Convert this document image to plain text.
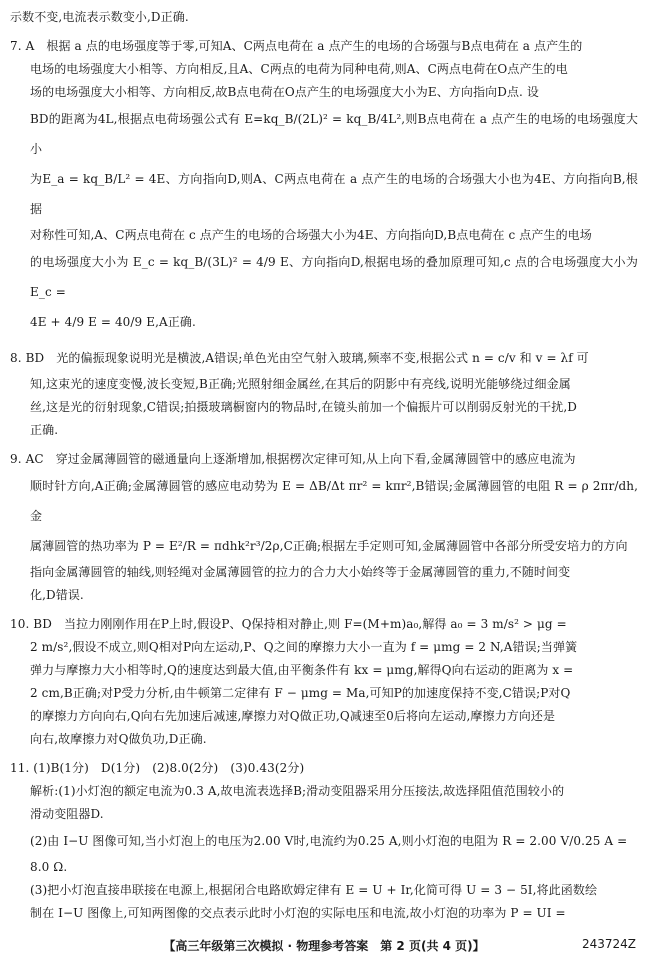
示数不变,电流表示数变小,D正确.
7. A　根据 a 点的电场强度等于零,可知A、C两点电荷在 a 点产生的电场的合场强与B点电荷在 a 点产生的
电场的电场强度大小相等、方向相反,且A、C两点的电荷为同种电荷,则A、C两点电荷在O点产生的电
场的电场强度大小相等、方向相反,故B点电荷在O点产生的电场强度大小为E、方向指向D点. 设
BD的距离为4L,根据点电荷场强公式有 E=kq_B/(2L)² = kq_B/4L²,则B点电荷在 a 点产生的电场的电场强度大小
为E_a = kq_B/L² = 4E、方向指向D,则A、C两点电荷在 a 点产生的电场的合场强大小也为4E、方向指向B,根据
对称性可知,A、C两点电荷在 c 点产生的电场的合场强大小为4E、方向指向D,B点电荷在 c 点产生的电场
的电场强度大小为 E_c = kq_B/(3L)² = 4/9 E、方向指向D,根据电场的叠加原理可知,c 点的合电场强度大小为E_c =
4E + 4/9 E = 40/9 E,A正确.
8. BD　光的偏振现象说明光是横波,A错误;单色光由空气射入玻璃,频率不变,根据公式 n = c/v 和 v = λf 可
知,这束光的速度变慢,波长变短,B正确;光照射细金属丝,在其后的阴影中有亮线,说明光能够绕过细金属
丝,这是光的衍射现象,C错误;拍摄玻璃橱窗内的物品时,在镜头前加一个偏振片可以削弱反射光的干扰,D
正确.
9. AC　穿过金属薄圆管的磁通量向上逐渐增加,根据楞次定律可知,从上向下看,金属薄圆管中的感应电流为
顺时针方向,A正确;金属薄圆管的感应电动势为 E = ΔB/Δt πr² = kπr²,B错误;金属薄圆管的电阻 R = ρ 2πr/dh,金
属薄圆管的热功率为 P = E²/R = πdhk²r³/2ρ,C正确;根据左手定则可知,金属薄圆管中各部分所受安培力的方向
指向金属薄圆管的轴线,则轻绳对金属薄圆管的拉力的合力大小始终等于金属薄圆管的重力,不随时间变
化,D错误.
10. BD　当拉力刚刚作用在P上时,假设P、Q保持相对静止,则 F=(M+m)a₀,解得 a₀ = 3 m/s² > μg =
2 m/s²,假设不成立,则Q相对P向左运动,P、Q之间的摩擦力大小一直为 f = μmg = 2 N,A错误;当弹簧
弹力与摩擦力大小相等时,Q的速度达到最大值,由平衡条件有 kx = μmg,解得Q向右运动的距离为 x =
2 cm,B正确;对P受力分析,由牛顿第二定律有 F − μmg = Ma,可知P的加速度保持不变,C错误;P对Q
的摩擦力方向向右,Q向右先加速后减速,摩擦力对Q做正功,Q减速至0后将向左运动,摩擦力方向还是
向右,故摩擦力对Q做负功,D正确.
11. (1)B(1分)　D(1分)　(2)8.0(2分)　(3)0.43(2分)
解析:(1)小灯泡的额定电流为0.3 A,故电流表选择B;滑动变阻器采用分压接法,故选择阻值范围较小的
滑动变阻器D.
(2)由 I−U 图像可知,当小灯泡上的电压为2.00 V时,电流约为0.25 A,则小灯泡的电阻为 R = 2.00 V/0.25 A =
8.0 Ω.
(3)把小灯泡直接串联接在电源上,根据闭合电路欧姆定律有 E = U + Ir,化简可得 U = 3 − 5I,将此函数绘
制在 I−U 图像上,可知两图像的交点表示此时小灯泡的实际电压和电流,故小灯泡的功率为 P = UI =
【高三年级第三次模拟 · 物理参考答案　第 2 页(共 4 页)】	243724Z
